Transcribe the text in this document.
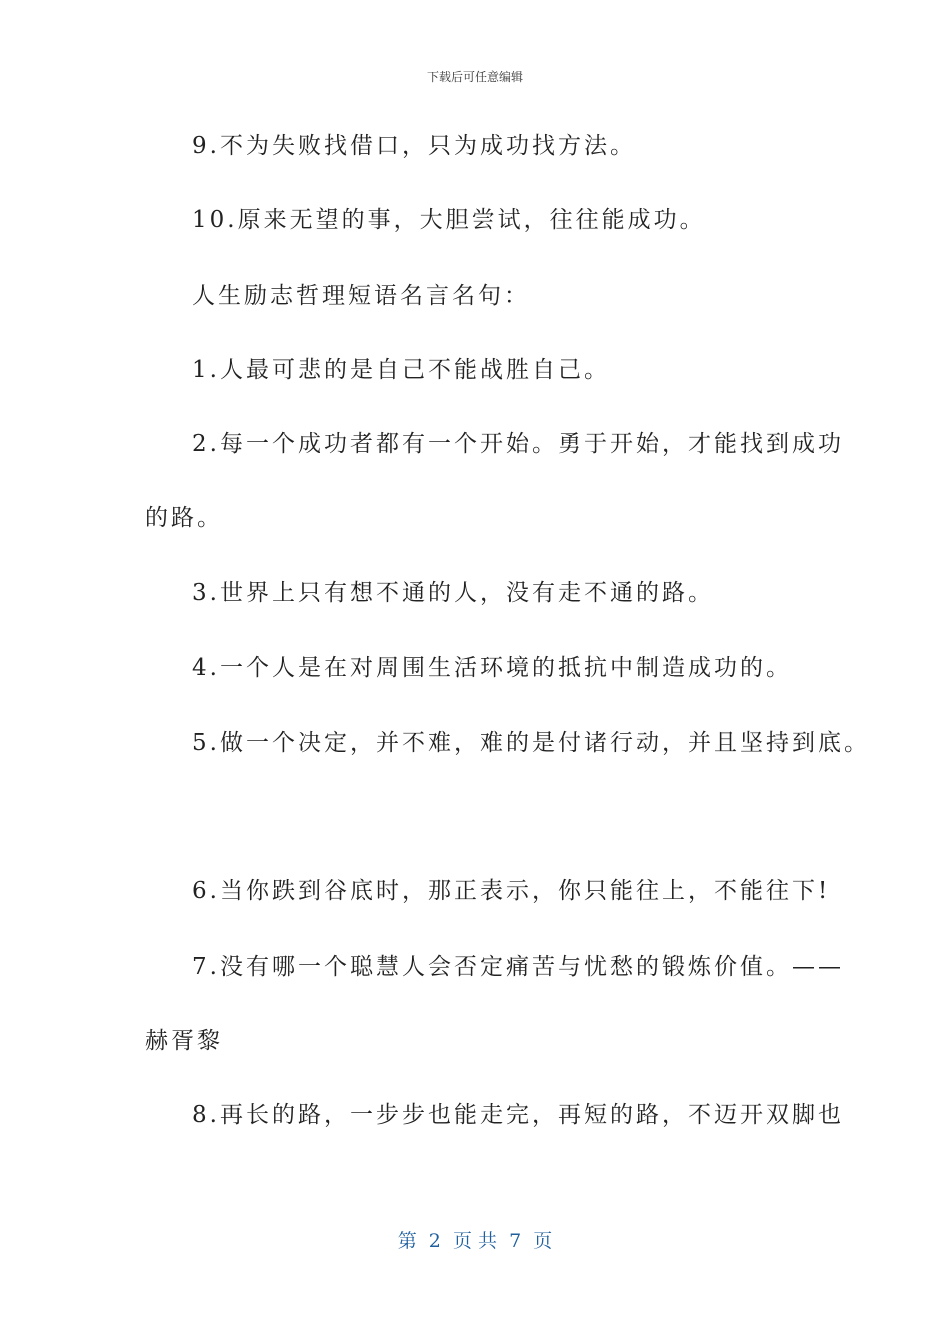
下载后可任意编辑
9.不为失败找借口，只为成功找方法。
10.原来无望的事，大胆尝试，往往能成功。
人生励志哲理短语名言名句：
1.人最可悲的是自己不能战胜自己。
2.每一个成功者都有一个开始。勇于开始，才能找到成功
的路。
3.世界上只有想不通的人，没有走不通的路。
4.一个人是在对周围生活环境的抵抗中制造成功的。
5.做一个决定，并不难，难的是付诸行动，并且坚持到底。
6.当你跌到谷底时，那正表示，你只能往上，不能往下!
7.没有哪一个聪慧人会否定痛苦与忧愁的锻炼价值。——
赫胥黎
8.再长的路，一步步也能走完，再短的路，不迈开双脚也
第  2  页 共  7  页
